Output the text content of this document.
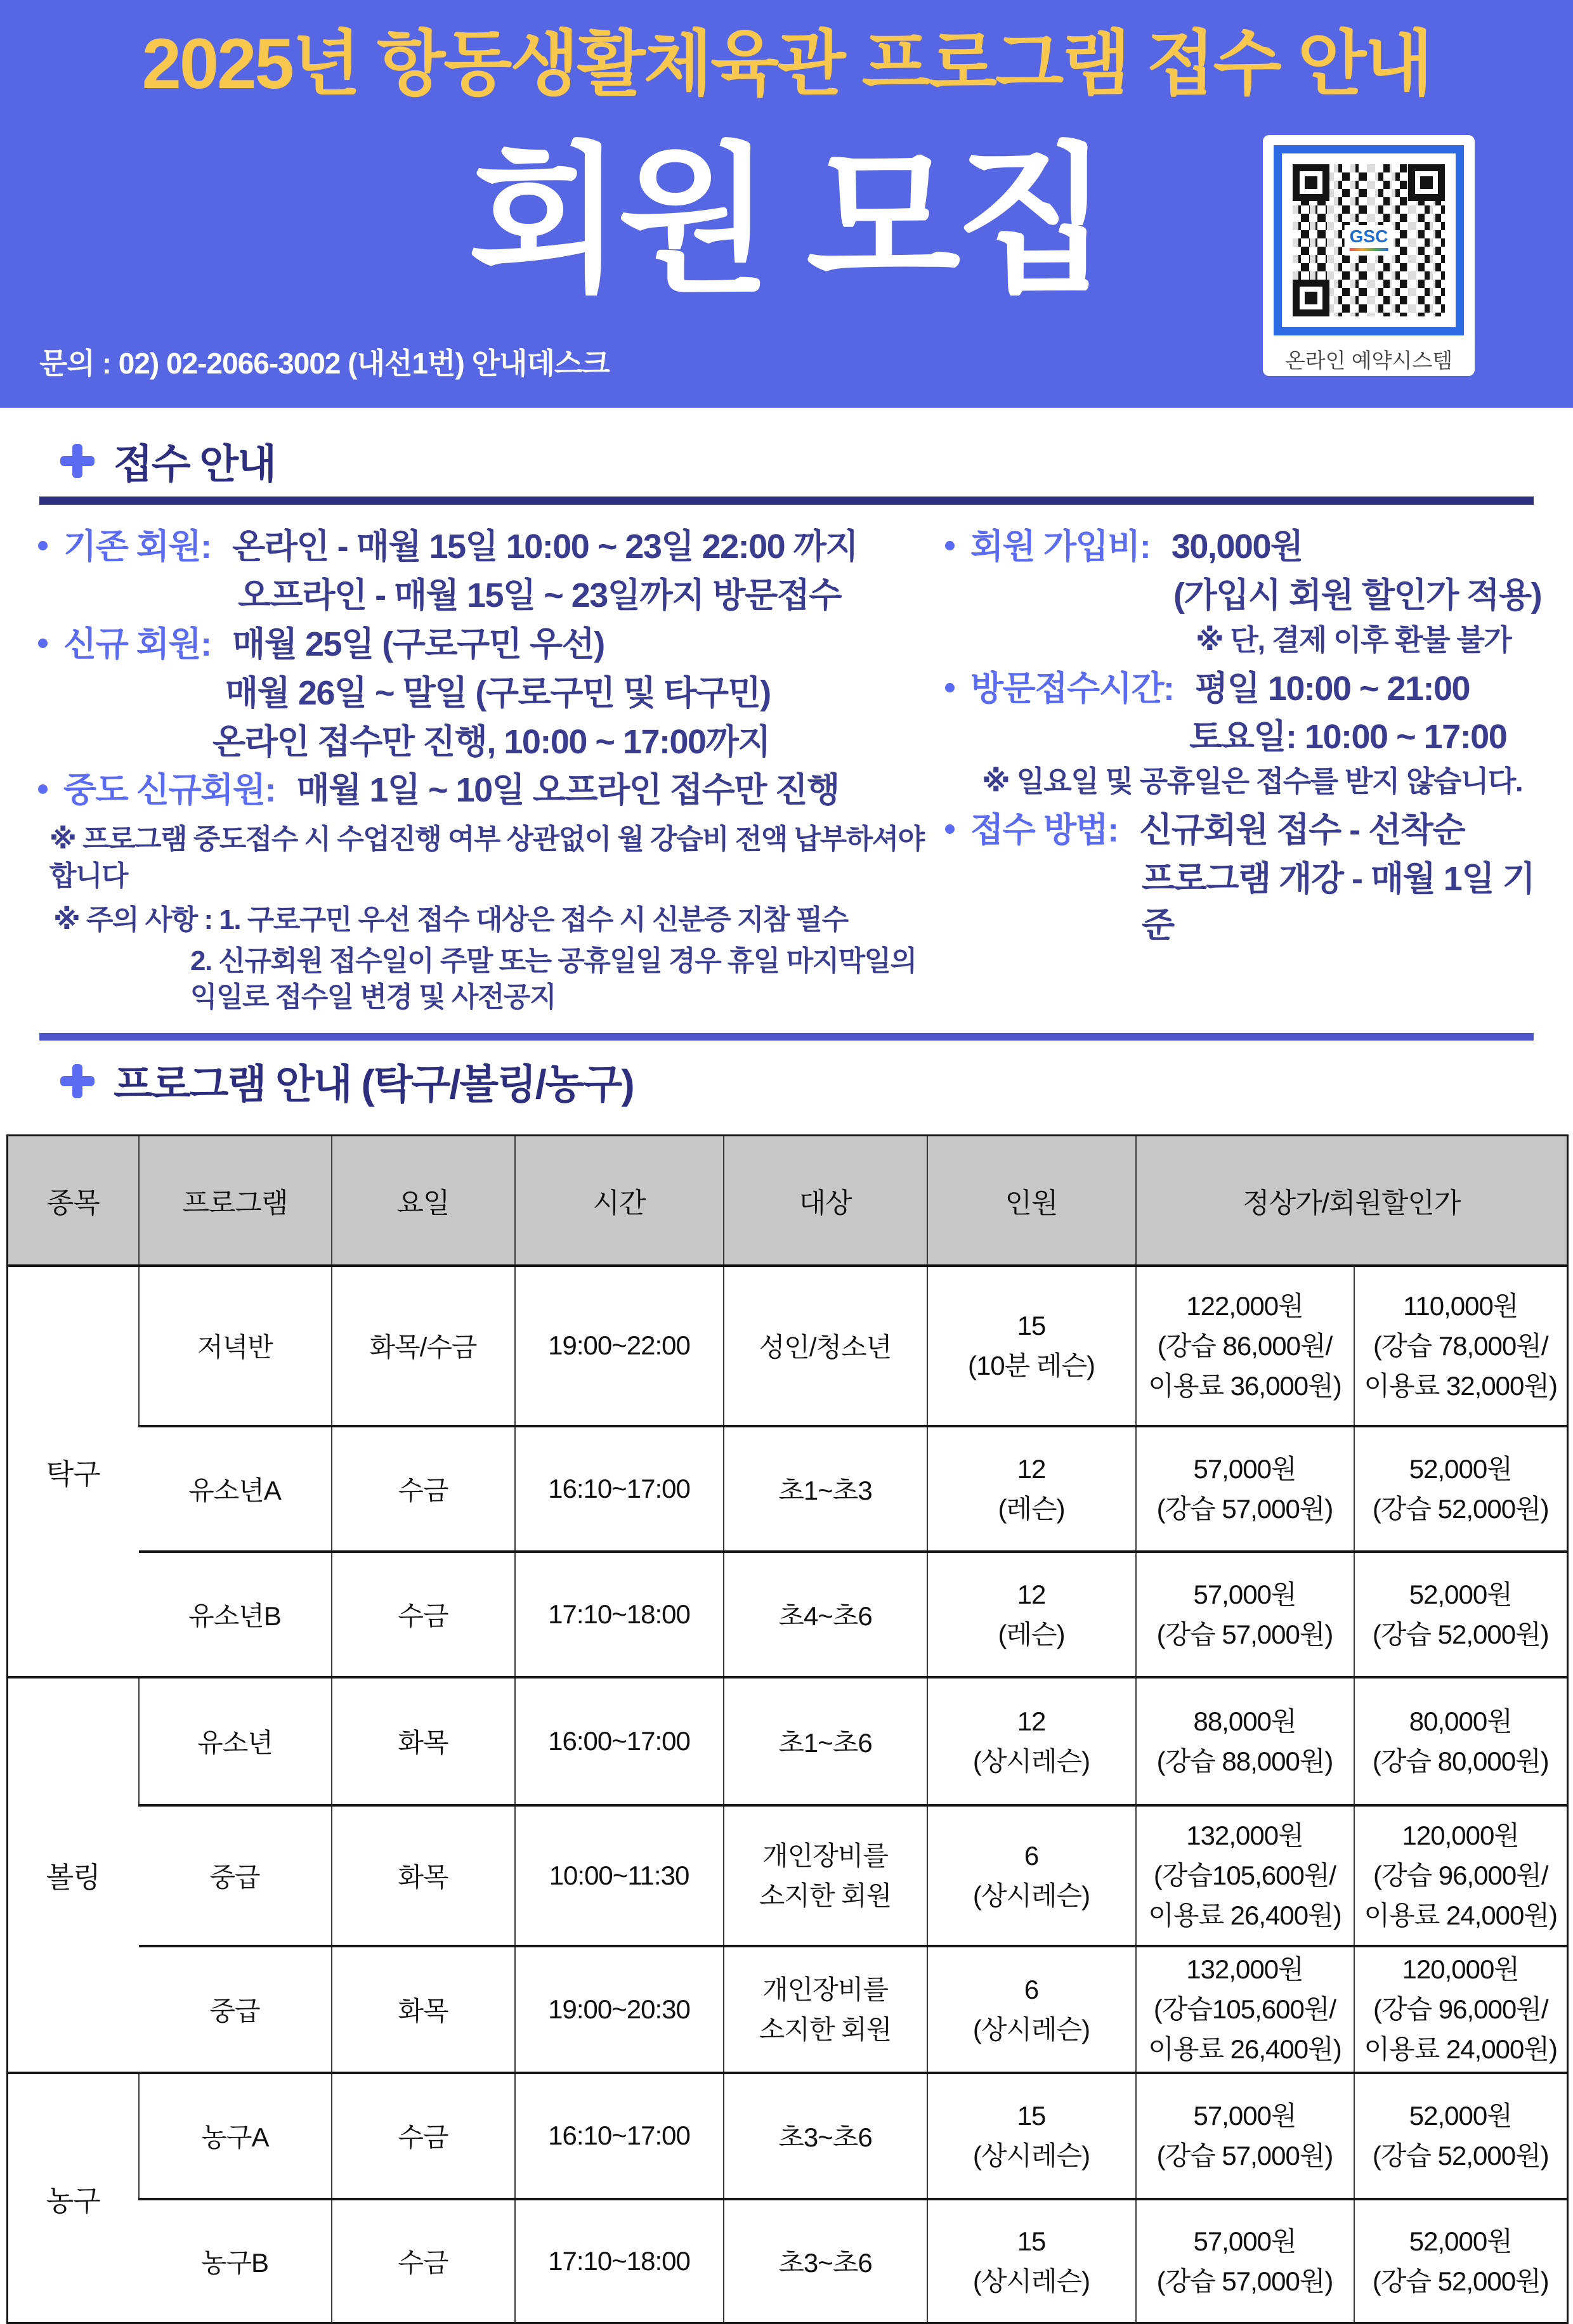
2025년 항동생활체육관 프로그램 접수 안내
회원 모집
문의 : 02) 02-2066-3002 (내선1번) 안내데스크
GSC
온라인 예약시스템
접수 안내
기존 회원: 온라인 - 매월 15일 10:00 ~ 23일 22:00 까지
오프라인 - 매월 15일 ~ 23일까지 방문접수
신규 회원: 매월 25일 (구로구민 우선)
매월 26일 ~ 말일 (구로구민 및 타구민)
온라인 접수만 진행, 10:00 ~ 17:00까지
중도 신규회원: 매월 1일 ~ 10일 오프라인 접수만 진행
※ 프로그램 중도접수 시 수업진행 여부 상관없이 월 강습비 전액 납부하셔야 합니다
※ 주의 사항 : 1. 구로구민 우선 접수 대상은 접수 시 신분증 지참 필수
2. 신규회원 접수일이 주말 또는 공휴일일 경우 휴일 마지막일의 익일로 접수일 변경 및 사전공지
회원 가입비: 30,000원
(가입시 회원 할인가 적용)
※ 단, 결제 이후 환불 불가
방문접수시간: 평일 10:00 ~ 21:00
토요일: 10:00 ~ 17:00
※ 일요일 및 공휴일은 접수를 받지 않습니다.
접수 방법: 신규회원 접수 - 선착순
프로그램 개강 - 매월 1일 기준
프로그램 안내 (탁구/볼링/농구)
종목	프로그램	요일	시간	대상	인원	정상가/회원할인가	
탁구	저녁반	화목/수금	19:00~22:00	성인/청소년	15
(10분 레슨)	122,000원
(강습 86,000원/
이용료 36,000원)	110,000원
(강습 78,000원/
이용료 32,000원)

	유소년A	수금	16:10~17:00	초1~초3	12
(레슨)	57,000원
(강습 57,000원)	52,000원
(강습 52,000원)

	유소년B	수금	17:10~18:00	초4~초6	12
(레슨)	57,000원
(강습 57,000원)	52,000원
(강습 52,000원)

볼링	유소년	화목	16:00~17:00	초1~초6	12
(상시레슨)	88,000원
(강습 88,000원)	80,000원
(강습 80,000원)

	중급	화목	10:00~11:30	개인장비를
소지한 회원	6
(상시레슨)	132,000원
(강습105,600원/
이용료 26,400원)	120,000원
(강습 96,000원/
이용료 24,000원)

	중급	화목	19:00~20:30	개인장비를
소지한 회원	6
(상시레슨)	132,000원
(강습105,600원/
이용료 26,400원)	120,000원
(강습 96,000원/
이용료 24,000원)

농구	농구A	수금	16:10~17:00	초3~초6	15
(상시레슨)	57,000원
(강습 57,000원)	52,000원
(강습 52,000원)

	농구B	수금	17:10~18:00	초3~초6	15
(상시레슨)	57,000원
(강습 57,000원)	52,000원
(강습 52,000원)
